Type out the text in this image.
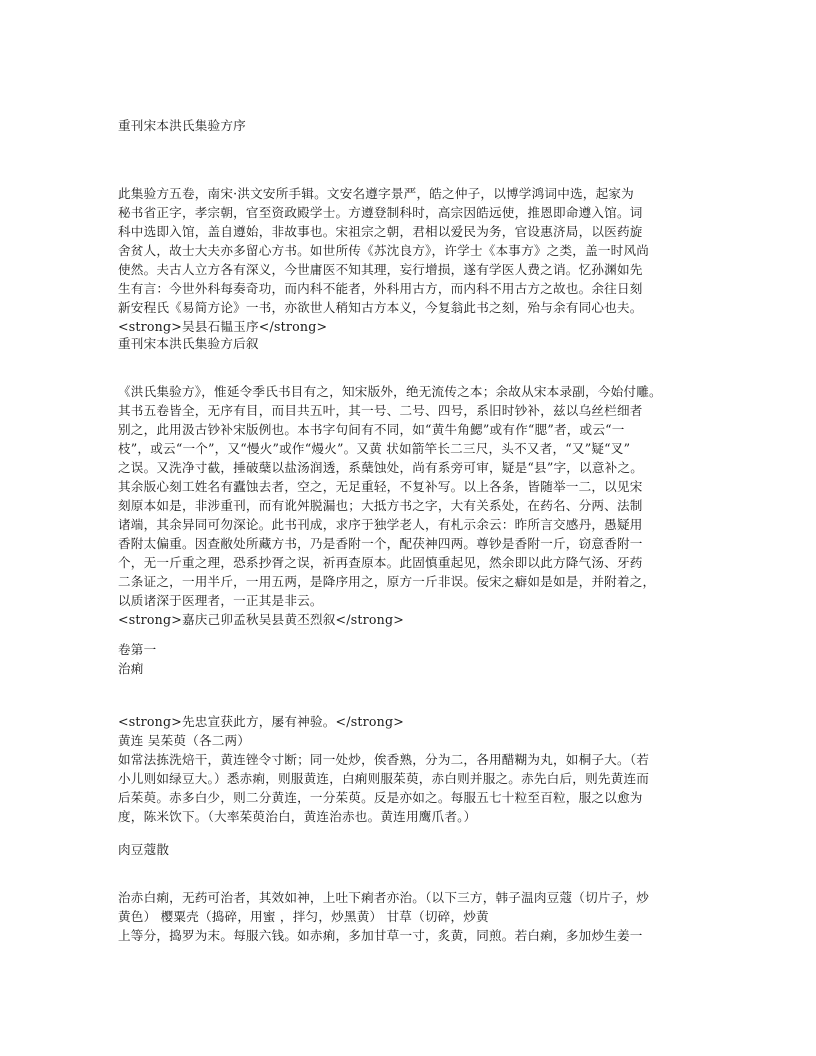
重刊宋本洪氏集验方序
此集验方五卷，南宋·洪文安所手辑。文安名遵字景严，皓之仲子，以博学鸿词中选，起家为
秘书省正字，孝宗朝，官至资政殿学士。方遵登制科时，高宗因皓远使，推恩即命遵入馆。词
科中选即入馆，盖自遵始，非故事也。宋祖宗之朝，君相以爱民为务，官设惠济局，以医药旋
舍贫人，故士大夫亦多留心方书。如世所传《苏沈良方》，许学士《本事方》之类，盖一时风尚
使然。夫古人立方各有深义，今世庸医不知其理，妄行增损，遂有学医人费之诮。忆孙渊如先
生有言：今世外科每奏奇功，而内科不能者，外科用古方，而内科不用古方之故也。余往日刻
新安程氏《易简方论》一书，亦欲世人稍知古方本义，今复翁此书之刻，殆与余有同心也夫。
<strong>吴县石韫玉序</strong>
重刊宋本洪氏集验方后叙
《洪氏集验方》，惟延令季氏书目有之，知宋版外，绝无流传之本；余故从宋本录副，今始付雕。
其书五卷皆全，无序有目，而目共五叶，其一号、二号、四号，系旧时钞补，兹以乌丝栏细者
别之，此用汲古钞补宋版例也。本书字句间有不同，如“黄牛角鰓”或有作“腮”者，或云“一
枝”，或云“一个”，又“慢火”或作“熳火”。又黄 状如箭竿长二三尺，头不又者，“又”疑“叉”
之误。又洗净寸截，捶破蘖以盐汤润透，系蘖蚀处，尚有系旁可审，疑是“县”字，以意补之。
其余版心刻工姓名有蠹蚀去者，空之，无足重轻，不复补写。以上各条，皆随举一二，以见宋
刻原本如是，非涉重刊，而有讹舛脱漏也；大抵方书之字，大有关系处，在药名、分两、法制
诸端，其余异同可勿深论。此书刊成，求序于独学老人，有札示余云：昨所言交感丹，愚疑用
香附太偏重。因查敝处所藏方书，乃是香附一个，配茯神四两。尊钞是香附一斤，窃意香附一
个，无一斤重之理，恐系抄胥之误，祈再查原本。此固慎重起见，然余即以此方降气汤、牙药
二条证之，一用半斤，一用五两，是降序用之，原方一斤非误。佞宋之癖如是如是，并附着之，
以质诸深于医理者，一正其是非云。
<strong>嘉庆己卯孟秋吴县黄丕烈叙</strong>
卷第一
治痢
<strong>先忠宣获此方，屡有神验。</strong>
黄连 吴茱萸（各二两）
如常法拣洗焙干，黄连锉令寸断；同一处炒，俟香熟，分为二，各用醋糊为丸，如桐子大。（若
小儿则如绿豆大。）悉赤痢，则服黄连，白痢则服茱萸，赤白则并服之。赤先白后，则先黄连而
后茱萸。赤多白少，则二分黄连，一分茱萸。反是亦如之。每服五七十粒至百粒，服之以愈为
度，陈米饮下。（大率茱萸治白，黄连治赤也。黄连用鹰爪者。）
肉豆蔻散
治赤白痢，无药可治者，其效如神，上吐下痢者亦治。（以下三方，韩子温肉豆蔻（切片子，炒
黄色） 樱粟壳（捣碎，用蜜 ，拌匀，炒黑黄） 甘草（切碎，炒黄
上等分，捣罗为末。每服六钱。如赤痢，多加甘草一寸，炙黄，同煎。若白痢，多加炒生姜一
